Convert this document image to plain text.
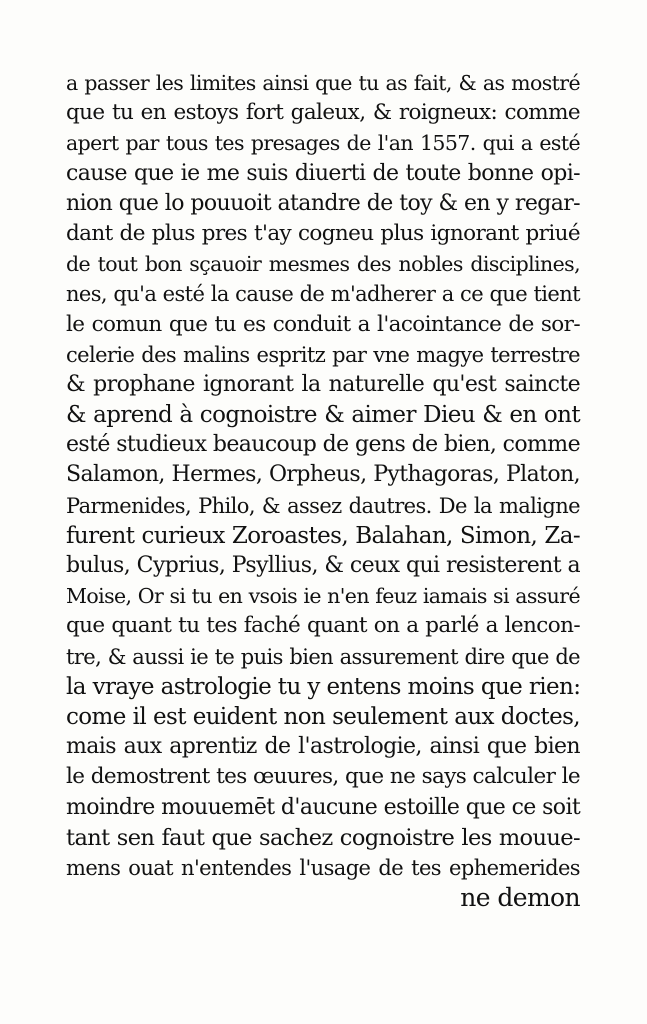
a passer les limites ainsi que tu as fait, & as mostré
que tu en estoys fort galeux, & roigneux: comme
apert par tous tes presages de l'an 1557. qui a esté
cause que ie me suis diuerti de toute bonne opi-
nion que lo pouuoit atandre de toy & en y regar-
dant de plus pres t'ay cogneu plus ignorant priué
de tout bon sçauoir mesmes des nobles disciplines,
nes, qu'a esté la cause de m'adherer a ce que tient
le comun que tu es conduit a l'acointance de sor-
celerie des malins espritz par vne magye terrestre
& prophane ignorant la naturelle qu'est saincte
& aprend à cognoistre & aimer Dieu & en ont
esté studieux beaucoup de gens de bien, comme
Salamon, Hermes, Orpheus, Pythagoras, Platon,
Parmenides, Philo, & assez dautres. De la maligne
furent curieux Zoroastes, Balahan, Simon, Za-
bulus, Cyprius, Psyllius, & ceux qui resisterent a
Moise, Or si tu en vsois ie n'en feuz iamais si assuré
que quant tu tes faché quant on a parlé a lencon-
tre, & aussi ie te puis bien assurement dire que de
la vraye astrologie tu y entens moins que rien:
come il est euident non seulement aux doctes,
mais aux aprentiz de l'astrologie, ainsi que bien
le demostrent tes œuures, que ne says calculer le
moindre mouuemēt d'aucune estoille que ce soit
tant sen faut que sachez cognoistre les mouue-
mens ouat n'entendes l'usage de tes ephemerides
ne demon
